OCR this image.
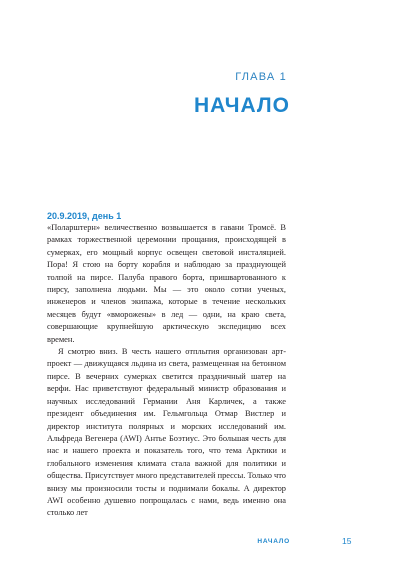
ГЛАВА 1
НАЧАЛО
20.9.2019, день 1

«Поларштерн» величественно возвышается в гавани Тромсё. В рамках торжественной церемонии прощания, происходящей в сумерках, его мощный корпус освещен световой инсталяцией. Пора! Я стою на борту корабля и наблюдаю за празднующей толпой на пирсе. Палуба правого борта, пришвартованного к пирсу, заполнена людьми. Мы — это около сотни ученых, инженеров и членов экипажа, которые в течение нескольких месяцев будут «вморожены» в лед — одни, на краю света, совершающие крупнейшую арктическую экспедицию всех времен.

Я смотрю вниз. В честь нашего отплытия организован арт-проект — движущаяся льдина из света, размещенная на бетонном пирсе. В вечерних сумерках светится праздничный шатер на верфи. Нас приветствуют федеральный министр образования и научных исследований Германии Аня Карличек, а также президент объединения им. Гельмгольца Отмар Вистлер и директор института полярных и морских исследований им. Альфреда Вегенера (AWI) Антье Боэтиус. Это большая честь для нас и нашего проекта и показатель того, что тема Арктики и глобального изменения климата стала важной для политики и общества. Присутствует много представителей прессы. Только что внизу мы произносили тосты и поднимали бокалы. А директор AWI особенно душевно попрощалась с нами, ведь именно она столько лет

НАЧАЛО	15
